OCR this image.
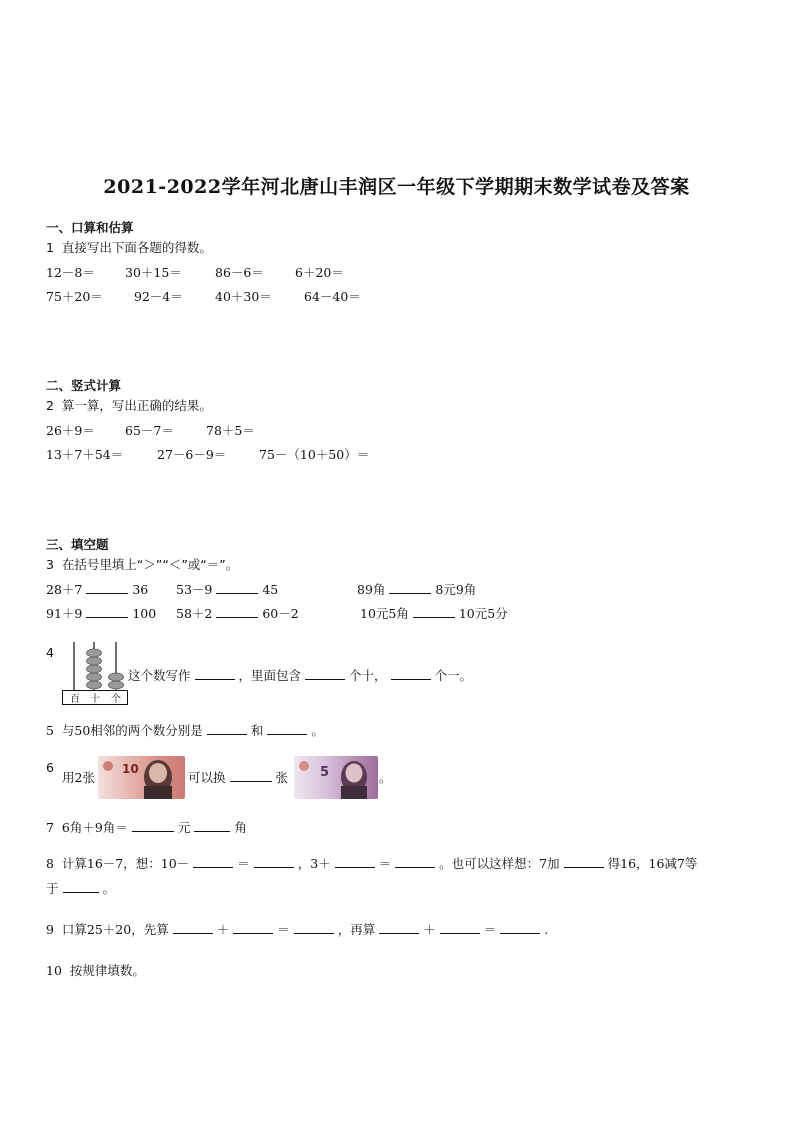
2021-2022学年河北唐山丰润区一年级下学期期末数学试卷及答案
一、口算和估算
1 直接写出下面各题的得数。
12－8＝ 30＋15＝	86－6＝ 6＋20＝
75＋20＝ 92－4＝	40＋30＝	64－40＝
二、竖式计算
2 算一算，写出正确的结果。
26＋9＝ 65－7＝	78＋5＝
13＋7＋54＝	27－6－9＝	75－（10＋50）＝
三、填空题
3 在括号里填上“＞”“＜”或“＝”。
28＋7	36 53－9	45	89角	8元9角
91＋9	100 58＋2	60－2	10元5角	10元5分
4
百 十 个
这个数写作	，里面包含	个十，	个一。
5 与50相邻的两个数分别是	和	。
6
用2张
10
可以换	张 5	。
7 6角＋9角＝	元	角
8 计算16－7，想：10－	＝	，3＋	＝	。也可以这样想：7加	得16，16减7等
于	。
9 口算25＋20，先算	＋	＝	，再算	＋	＝	.
10 按规律填数。
